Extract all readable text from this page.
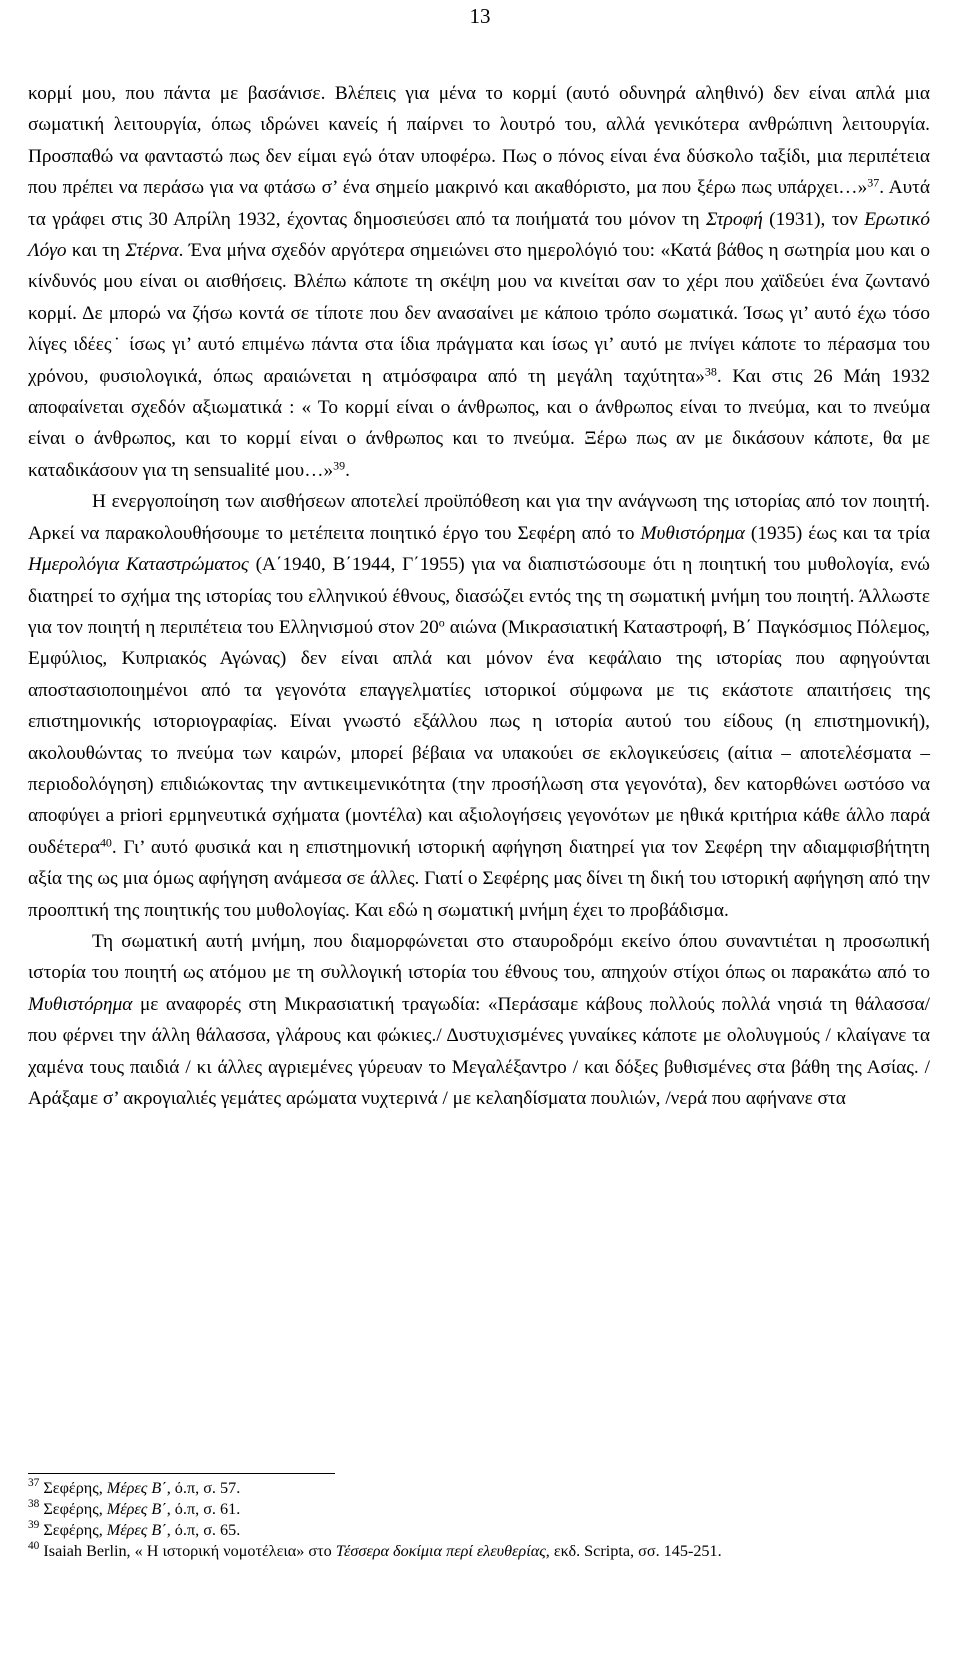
13

κορμί μου, που πάντα με βασάνισε. Βλέπεις για μένα το κορμί (αυτό οδυνηρά αληθινό) δεν είναι απλά μια σωματική λειτουργία, όπως ιδρώνει κανείς ή παίρνει το λουτρό του, αλλά γενικότερα ανθρώπινη λειτουργία. Προσπαθώ να φανταστώ πως δεν είμαι εγώ όταν υποφέρω. Πως ο πόνος είναι ένα δύσκολο ταξίδι, μια περιπέτεια που πρέπει να περάσω για να φτάσω σ’ ένα σημείο μακρινό και ακαθόριστο, μα που ξέρω πως υπάρχει…»$^{37}$. Αυτά τα γράφει στις 30 Απρίλη 1932, έχοντας δημοσιεύσει από τα ποιήματά του μόνον τη Στροφή (1931), τον Ερωτικό Λόγο και τη Στέρνα. Ένα μήνα σχεδόν αργότερα σημειώνει στο ημερολόγιό του: «Κατά βάθος η σωτηρία μου και ο κίνδυνός μου είναι οι αισθήσεις. Βλέπω κάποτε τη σκέψη μου να κινείται σαν το χέρι που χαϊδεύει ένα ζωντανό κορμί. Δε μπορώ να ζήσω κοντά σε τίποτε που δεν ανασαίνει με κάποιο τρόπο σωματικά. Ίσως γι’ αυτό έχω τόσο λίγες ιδέες˙ ίσως γι’ αυτό επιμένω πάντα στα ίδια πράγματα και ίσως γι’ αυτό με πνίγει κάποτε το πέρασμα του χρόνου, φυσιολογικά, όπως αραιώνεται η ατμόσφαιρα από τη μεγάλη ταχύτητα»$^{38}$. Και στις 26 Μάη 1932 αποφαίνεται σχεδόν αξιωματικά : « Το κορμί είναι ο άνθρωπος, και ο άνθρωπος είναι το πνεύμα, και το πνεύμα είναι ο άνθρωπος, και το κορμί είναι ο άνθρωπος και το πνεύμα. Ξέρω πως αν με δικάσουν κάποτε, θα με καταδικάσουν για τη sensualité μου…»$^{39}$.

Η ενεργοποίηση των αισθήσεων αποτελεί προϋπόθεση και για την ανάγνωση της ιστορίας από τον ποιητή. Αρκεί να παρακολουθήσουμε το μετέπειτα ποιητικό έργο του Σεφέρη από το Μυθιστόρημα (1935) έως και τα τρία Ημερολόγια Καταστρώματος (Α΄1940, Β΄1944, Γ΄1955) για να διαπιστώσουμε ότι η ποιητική του μυθολογία, ενώ διατηρεί το σχήμα της ιστορίας του ελληνικού έθνους, διασώζει εντός της τη σωματική μνήμη του ποιητή. Άλλωστε για τον ποιητή η περιπέτεια του Ελληνισμού στον $20^o$ αιώνα (Μικρασιατική Καταστροφή, Β΄ Παγκόσμιος Πόλεμος, Εμφύλιος, Κυπριακός Αγώνας) δεν είναι απλά και μόνον ένα κεφάλαιο της ιστορίας που αφηγούνται αποστασιοποιημένοι από τα γεγονότα επαγγελματίες ιστορικοί σύμφωνα με τις εκάστοτε απαιτήσεις της επιστημονικής ιστοριογραφίας. Είναι γνωστό εξάλλου πως η ιστορία αυτού του είδους (η επιστημονική), ακολουθώντας το πνεύμα των καιρών, μπορεί βέβαια να υπακούει σε εκλογικεύσεις (αίτια – αποτελέσματα – περιοδολόγηση) επιδιώκοντας την αντικειμενικότητα (την προσήλωση στα γεγονότα), δεν κατορθώνει ωστόσο να αποφύγει a priori ερμηνευτικά σχήματα (μοντέλα) και αξιολογήσεις γεγονότων με ηθικά κριτήρια κάθε άλλο παρά ουδέτερα$^{40}$. Γι’ αυτό φυσικά και η επιστημονική ιστορική αφήγηση διατηρεί για τον Σεφέρη την αδιαμφισβήτητη αξία της ως μια όμως αφήγηση ανάμεσα σε άλλες. Γιατί ο Σεφέρης μας δίνει τη δική του ιστορική αφήγηση από την προοπτική της ποιητικής του μυθολογίας. Και εδώ η σωματική μνήμη έχει το προβάδισμα.

Τη σωματική αυτή μνήμη, που διαμορφώνεται στο σταυροδρόμι εκείνο όπου συναντιέται η προσωπική ιστορία του ποιητή ως ατόμου με τη συλλογική ιστορία του έθνους του, απηχούν στίχοι όπως οι παρακάτω από το Μυθιστόρημα με αναφορές στη Μικρασιατική τραγωδία: «Περάσαμε κάβους πολλούς πολλά νησιά τη θάλασσα/ που φέρνει την άλλη θάλασσα, γλάρους και φώκιες./ Δυστυχισμένες γυναίκες κάποτε με ολολυγμούς / κλαίγανε τα χαμένα τους παιδιά / κι άλλες αγριεμένες γύρευαν το Μεγαλέξαντρο / και δόξες βυθισμένες στα βάθη της Ασίας. /Αράξαμε σ’ ακρογιαλιές γεμάτες αρώματα νυχτερινά / με κελαηδίσματα πουλιών, /νερά που αφήνανε στα

$^{37}$ Σεφέρης, Μέρες Β΄, ό.π, σ. 57.
$^{38}$ Σεφέρης, Μέρες Β΄, ό.π, σ. 61.
$^{39}$ Σεφέρης, Μέρες Β΄, ό.π, σ. 65.
$^{40}$ Isaiah Berlin, « Η ιστορική νομοτέλεια» στο Τέσσερα δοκίμια περί ελευθερίας, εκδ. Scripta, σσ. 145-251.
